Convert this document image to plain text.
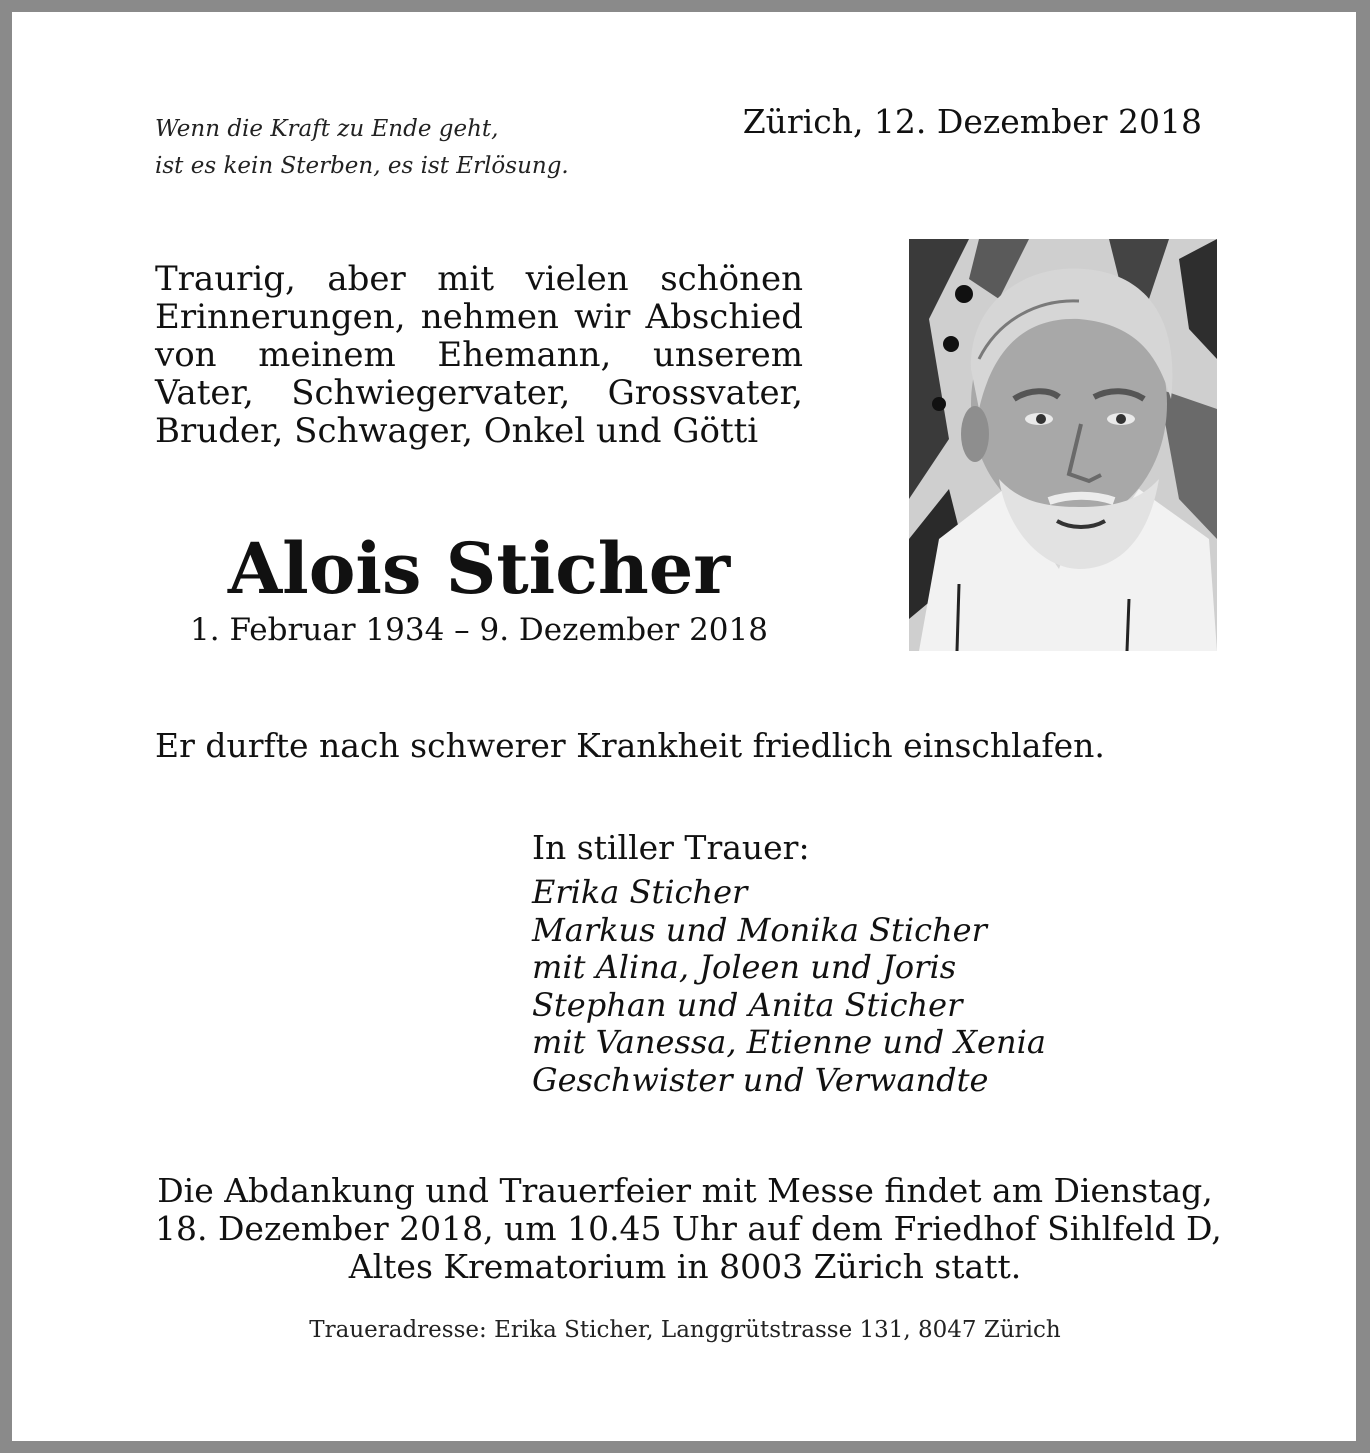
Wenn die Kraft zu Ende geht,
ist es kein Sterben, es ist Erlösung.
Zürich, 12. Dezember 2018
Traurig, aber mit vielen schönen Erinnerungen, nehmen wir Abschied von meinem Ehemann, unserem Vater, Schwiegervater, Grossvater, Bruder, Schwager, Onkel und Götti
Alois Sticher
1. Februar 1934 – 9. Dezember 2018
Er durfte nach schwerer Krankheit friedlich einschlafen.
In stiller Trauer:
Erika Sticher
Markus und Monika Sticher
mit Alina, Joleen und Joris
Stephan und Anita Sticher
mit Vanessa, Etienne und Xenia
Geschwister und Verwandte
Die Abdankung und Trauerfeier mit Messe findet am Dienstag,
18. Dezember 2018, um 10.45 Uhr auf dem Friedhof Sihlfeld D,
Altes Krematorium in 8003 Zürich statt.
Traueradresse: Erika Sticher, Langgrütstrasse 131, 8047 Zürich
